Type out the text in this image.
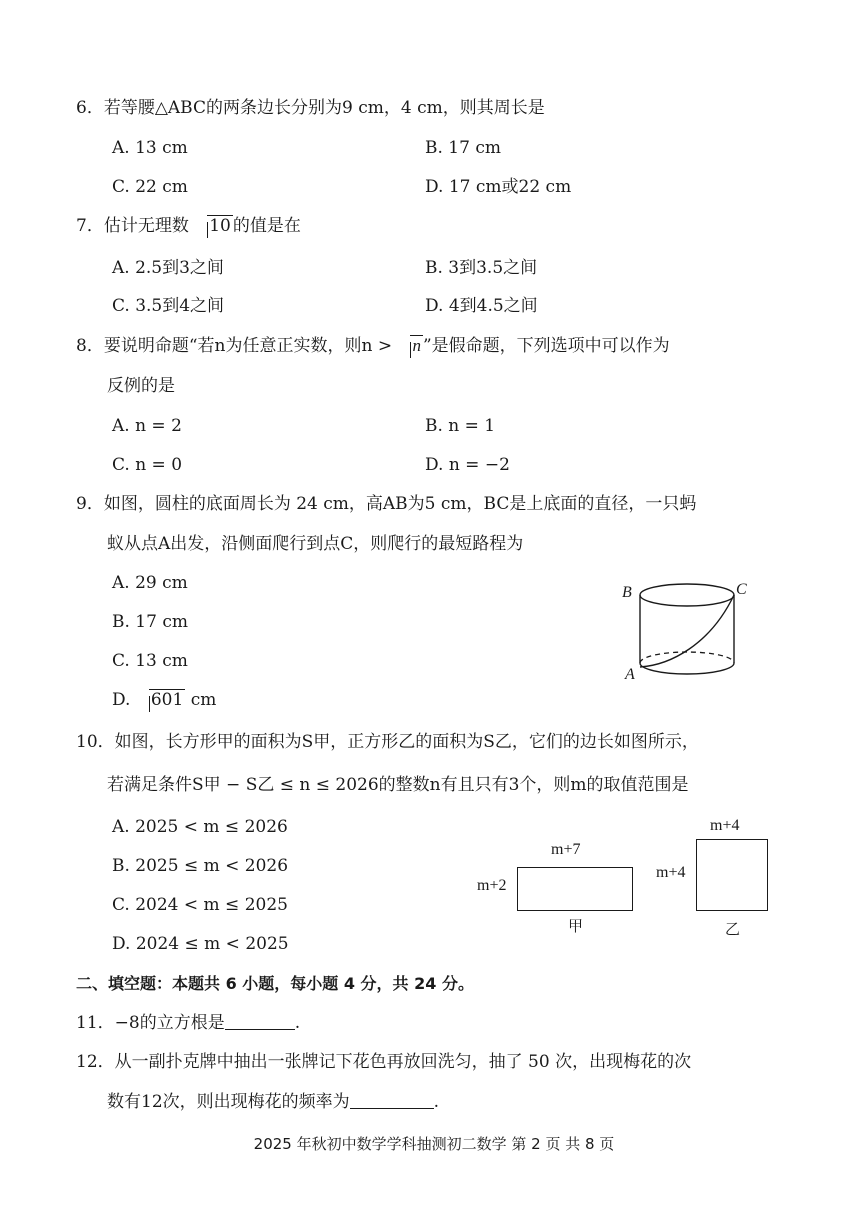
6．若等腰△ABC的两条边长分别为9 cm，4 cm，则其周长是
A. 13 cm	B. 17 cm
C. 22 cm	D. 17 cm或22 cm
7．估计无理数 10 的值是在
A. 2.5到3之间	B. 3到3.5之间
C. 3.5到4之间	D. 4到4.5之间
8．要说明命题“若n为任意正实数，则n > n ”是假命题，下列选项中可以作为
反例的是
A. n = 2	B. n = 1
C. n = 0	D. n = −2
9．如图，圆柱的底面周长为 24 cm，高AB为5 cm，BC是上底面的直径，一只蚂
蚁从点A出发，沿侧面爬行到点C，则爬行的最短路程为
A. 29 cm
B. 17 cm
C. 13 cm
D. 601 cm
B	C
A
10．如图，长方形甲的面积为S甲，正方形乙的面积为S乙，它们的边长如图所示，
若满足条件S甲 − S乙 ≤ n ≤ 2026的整数n有且只有3个，则m的取值范围是
A. 2025 < m ≤ 2026
B. 2025 ≤ m < 2026
C. 2024 < m ≤ 2025
D. 2024 ≤ m < 2025
m+7
m+2
甲
m+4
m+4
乙
二、填空题：本题共 6 小题，每小题 4 分，共 24 分。
11．−8的立方根是	.
12．从一副扑克牌中抽出一张牌记下花色再放回洗匀，抽了 50 次，出现梅花的次
数有12次，则出现梅花的频率为	.
2025 年秋初中数学学科抽测初二数学 第 2 页 共 8 页
